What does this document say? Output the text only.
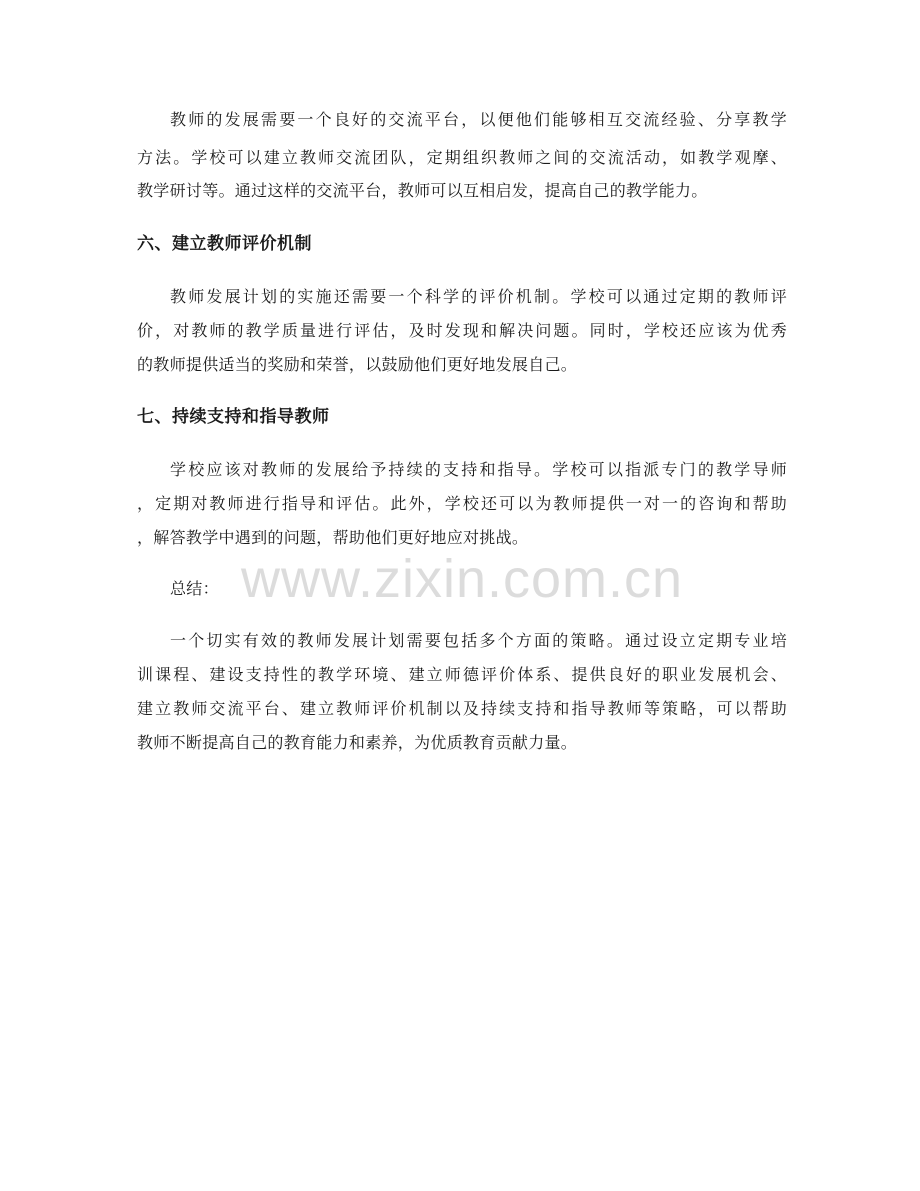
www.zixin.com.cn
教师的发展需要一个良好的交流平台，以便他们能够相互交流经验、分享教学
方法。学校可以建立教师交流团队，定期组织教师之间的交流活动，如教学观摩、
教学研讨等。通过这样的交流平台，教师可以互相启发，提高自己的教学能力。
六、建立教师评价机制
教师发展计划的实施还需要一个科学的评价机制。学校可以通过定期的教师评
价，对教师的教学质量进行评估，及时发现和解决问题。同时，学校还应该为优秀
的教师提供适当的奖励和荣誉，以鼓励他们更好地发展自己。
七、持续支持和指导教师
学校应该对教师的发展给予持续的支持和指导。学校可以指派专门的教学导师
，定期对教师进行指导和评估。此外，学校还可以为教师提供一对一的咨询和帮助
，解答教学中遇到的问题，帮助他们更好地应对挑战。
总结：
一个切实有效的教师发展计划需要包括多个方面的策略。通过设立定期专业培
训课程、建设支持性的教学环境、建立师德评价体系、提供良好的职业发展机会、
建立教师交流平台、建立教师评价机制以及持续支持和指导教师等策略，可以帮助
教师不断提高自己的教育能力和素养，为优质教育贡献力量。
